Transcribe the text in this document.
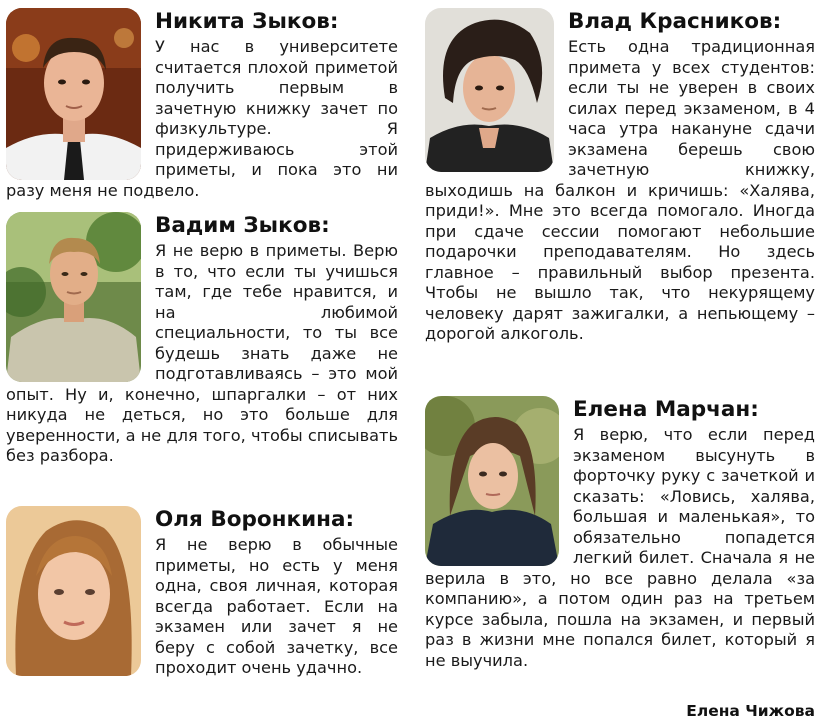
Никита Зыков:

У нас в университете считается плохой приметой получить первым в зачетную книжку зачет по физкультуре. Я придерживаюсь этой приметы, и пока это ни разу меня не подвело.

Вадим Зыков:

Я не верю в приметы. Верю в то, что если ты учишься там, где тебе нравится, и на любимой специальности, то ты все будешь знать даже не подготавливаясь – это мой опыт. Ну и, конечно, шпаргалки – от них никуда не деться, но это больше для уверенности, а не для того, чтобы списывать без разбора.

Оля Воронкина:

Я не верю в обычные приметы, но есть у меня одна, своя личная, которая всегда работает. Если на экзамен или зачет я не беру с собой зачетку, все проходит очень удачно.

Влад Красников:

Есть одна традиционная примета у всех студентов: если ты не уверен в своих силах перед экзаменом, в 4 часа утра накануне сдачи экзамена берешь свою зачетную книжку, выходишь на балкон и кричишь: «Халява, приди!». Мне это всегда помогало. Иногда при сдаче сессии помогают небольшие подарочки преподавателям. Но здесь главное – правильный выбор презента. Чтобы не вышло так, что некурящему человеку дарят зажигалки, а непьющему – дорогой алкоголь.

Елена Марчан:

Я верю, что если перед экзаменом высунуть в форточку руку с зачеткой и сказать: «Ловись, халява, большая и маленькая», то обязательно попадется легкий билет. Сначала я не верила в это, но все равно делала «за компанию», а потом один раз на третьем курсе забыла, пошла на экзамен, и первый раз в жизни мне попался билет, который я не выучила.

Елена Чижова
